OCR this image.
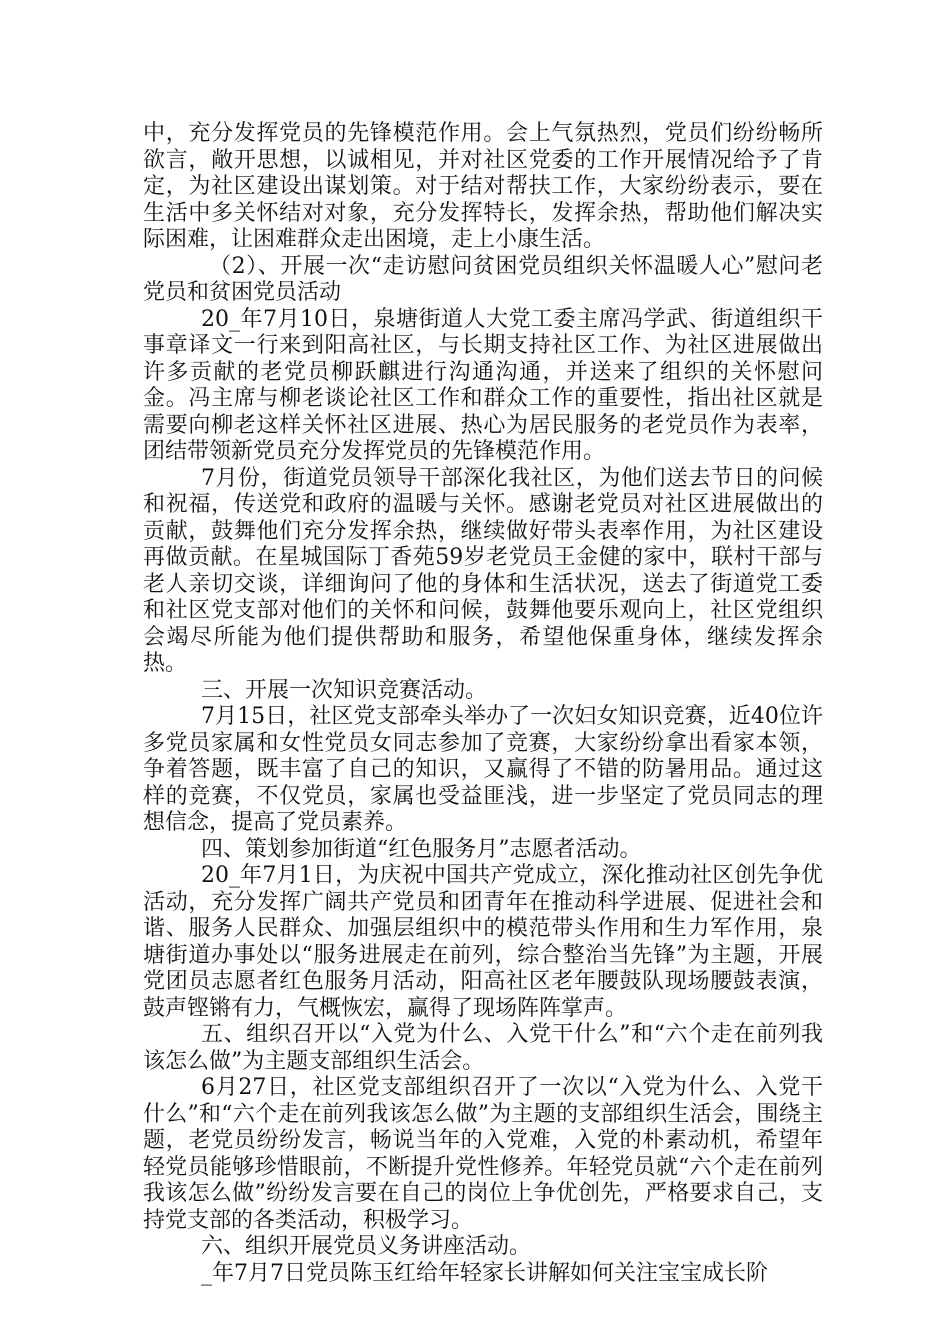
中，充分发挥党员的先锋模范作用。会上气氛热烈，党员们纷纷畅所欲言，敞开思想，以诚相见，并对社区党委的工作开展情况给予了肯定，为社区建设出谋划策。对于结对帮扶工作，大家纷纷表示，要在生活中多关怀结对对象，充分发挥特长，发挥余热，帮助他们解决实际困难，让困难群众走出困境，走上小康生活。

（2）、开展一次“走访慰问贫困党员组织关怀温暖人心”慰问老党员和贫困党员活动

20_年7月10日，泉塘街道人大党工委主席冯学武、街道组织干事章译文一行来到阳高社区，与长期支持社区工作、为社区进展做出许多贡献的老党员柳跃麒进行沟通沟通，并送来了组织的关怀慰问金。冯主席与柳老谈论社区工作和群众工作的重要性，指出社区就是需要向柳老这样关怀社区进展、热心为居民服务的老党员作为表率，团结带领新党员充分发挥党员的先锋模范作用。

7月份，街道党员领导干部深化我社区，为他们送去节日的问候和祝福，传送党和政府的温暖与关怀。感谢老党员对社区进展做出的贡献，鼓舞他们充分发挥余热，继续做好带头表率作用，为社区建设再做贡献。在星城国际丁香苑59岁老党员王金健的家中，联村干部与老人亲切交谈，详细询问了他的身体和生活状况，送去了街道党工委和社区党支部对他们的关怀和问候，鼓舞他要乐观向上，社区党组织会竭尽所能为他们提供帮助和服务，希望他保重身体，继续发挥余热。

三、开展一次知识竞赛活动。

7月15日，社区党支部牵头举办了一次妇女知识竞赛，近40位许多党员家属和女性党员女同志参加了竞赛，大家纷纷拿出看家本领，争着答题，既丰富了自己的知识，又赢得了不错的防暑用品。通过这样的竞赛，不仅党员，家属也受益匪浅，进一步坚定了党员同志的理想信念，提高了党员素养。

四、策划参加街道“红色服务月”志愿者活动。

20_年7月1日，为庆祝中国共产党成立，深化推动社区创先争优活动，充分发挥广阔共产党员和团青年在推动科学进展、促进社会和谐、服务人民群众、加强层组织中的模范带头作用和生力军作用，泉塘街道办事处以“服务进展走在前列，综合整治当先锋”为主题，开展党团员志愿者红色服务月活动，阳高社区老年腰鼓队现场腰鼓表演，鼓声铿锵有力，气概恢宏，赢得了现场阵阵掌声。

五、组织召开以“入党为什么、入党干什么”和“六个走在前列我该怎么做”为主题支部组织生活会。

6月27日，社区党支部组织召开了一次以“入党为什么、入党干什么”和“六个走在前列我该怎么做”为主题的支部组织生活会，围绕主题，老党员纷纷发言，畅说当年的入党难，入党的朴素动机，希望年轻党员能够珍惜眼前，不断提升党性修养。年轻党员就“六个走在前列我该怎么做”纷纷发言要在自己的岗位上争优创先，严格要求自己，支持党支部的各类活动，积极学习。

六、组织开展党员义务讲座活动。

_年7月7日党员陈玉红给年轻家长讲解如何关注宝宝成长阶
